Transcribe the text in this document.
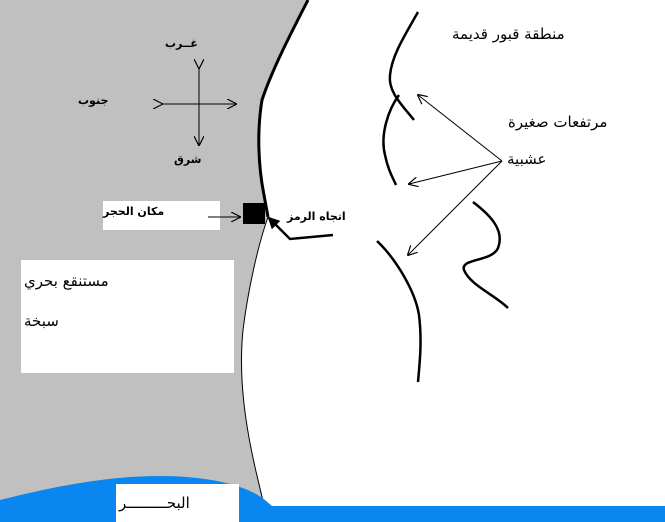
غــرب
جنوب
شرق
مكان الحجر	اتجاه الرمز
مستنقع بحري
سبخة
البحـــــــــر
مرتفعات صغيرة
عشبية
منطقة قبور قديمة
